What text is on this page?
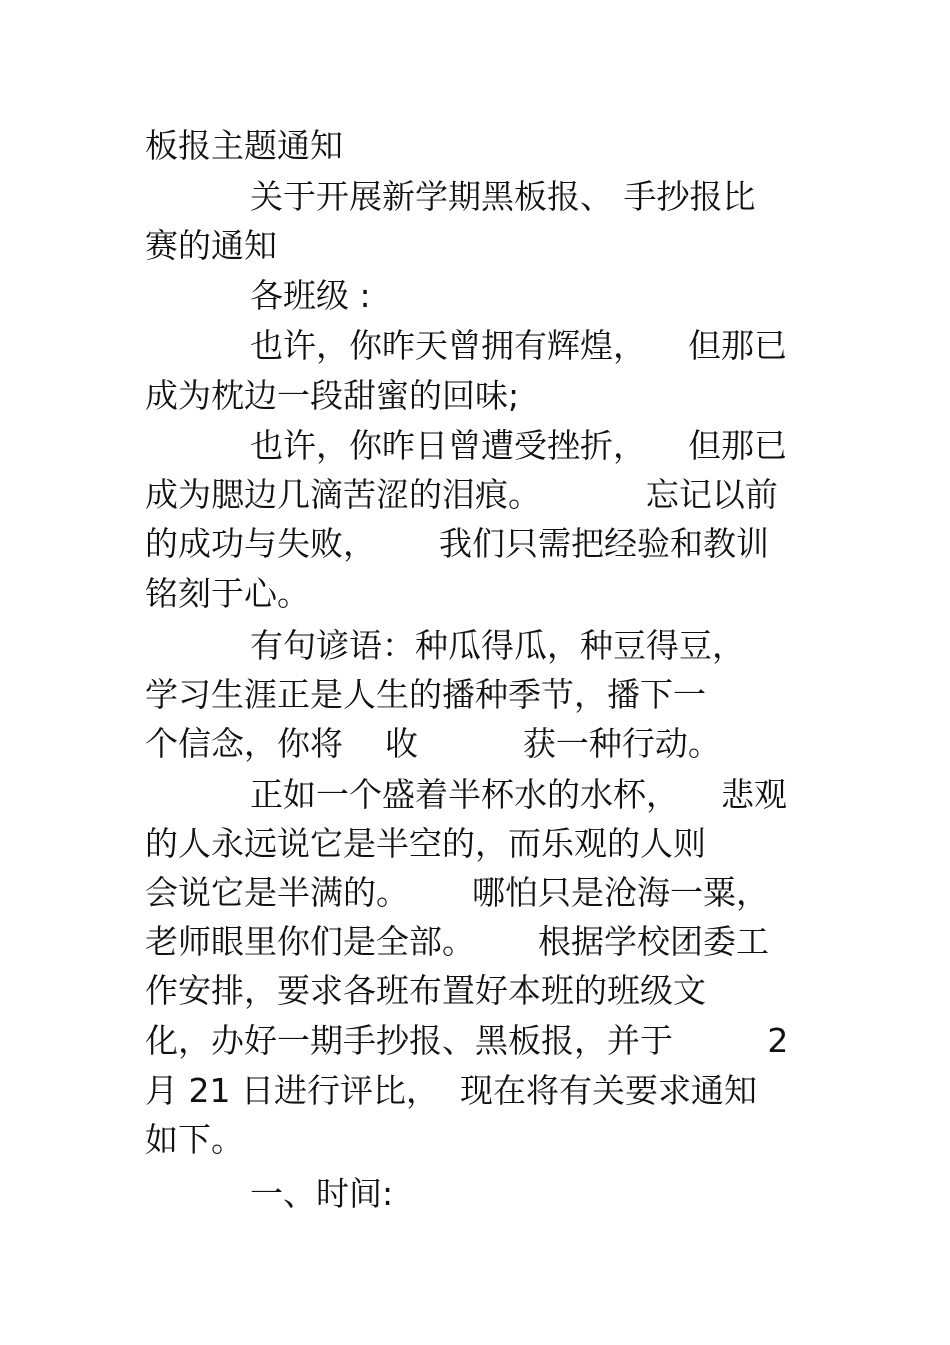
板报主题通知
关于开展新学期黑板报、 手抄报比
赛的通知
各班级 :
也许，你昨天曾拥有辉煌，    但那已
成为枕边一段甜蜜的回味;
也许，你昨日曾遭受挫折，    但那已
成为腮边几滴苦涩的泪痕。          忘记以前
的成功与失败，      我们只需把经验和教训
铭刻于心。
有句谚语：种瓜得瓜，种豆得豆，
学习生涯正是人生的播种季节，播下一
个信念，你将    收          获一种行动。
正如一个盛着半杯水的水杯，    悲观
的人永远说它是半空的，而乐观的人则
会说它是半满的。      哪怕只是沧海一粟，
老师眼里你们是全部。      根据学校团委工
作安排，要求各班布置好本班的班级文
化，办好一期手抄报、黑板报，并于         2
月 21 日进行评比，  现在将有关要求通知
如下。
一、时间:
